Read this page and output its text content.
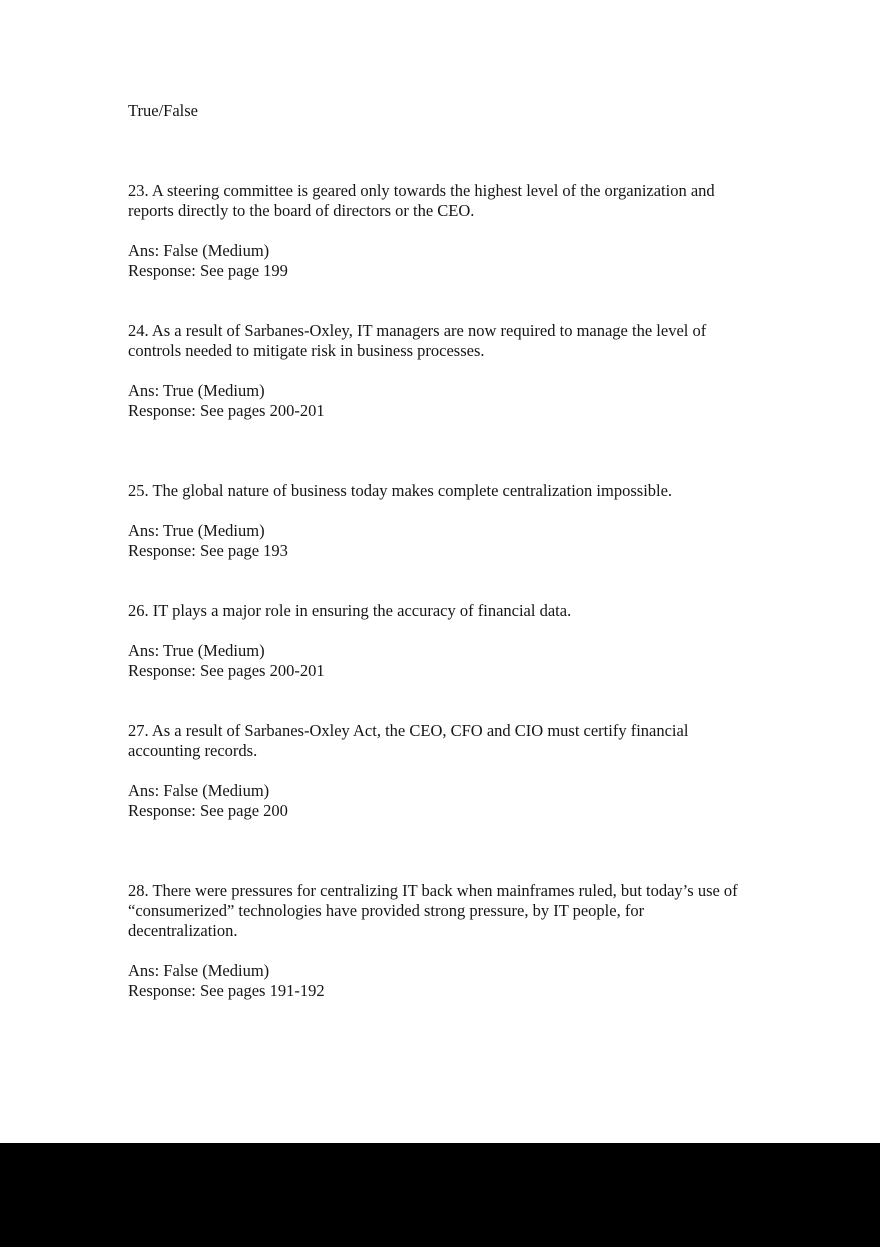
True/False

23. A steering committee is geared only towards the highest level of the organization and reports directly to the board of directors or the CEO.

Ans: False (Medium)

Response: See page 199

24. As a result of Sarbanes-Oxley, IT managers are now required to manage the level of controls needed to mitigate risk in business processes.

Ans: True (Medium)

Response: See pages 200-201

25. The global nature of business today makes complete centralization impossible.

Ans: True (Medium)

Response: See page 193

26. IT plays a major role in ensuring the accuracy of financial data.

Ans: True (Medium)

Response: See pages 200-201

27. As a result of Sarbanes-Oxley Act, the CEO, CFO and CIO must certify financial accounting records.

Ans: False (Medium)

Response: See page 200

28. There were pressures for centralizing IT back when mainframes ruled, but today’s use of “consumerized” technologies have provided strong pressure, by IT people, for decentralization.

Ans: False (Medium)

Response: See pages 191-192
